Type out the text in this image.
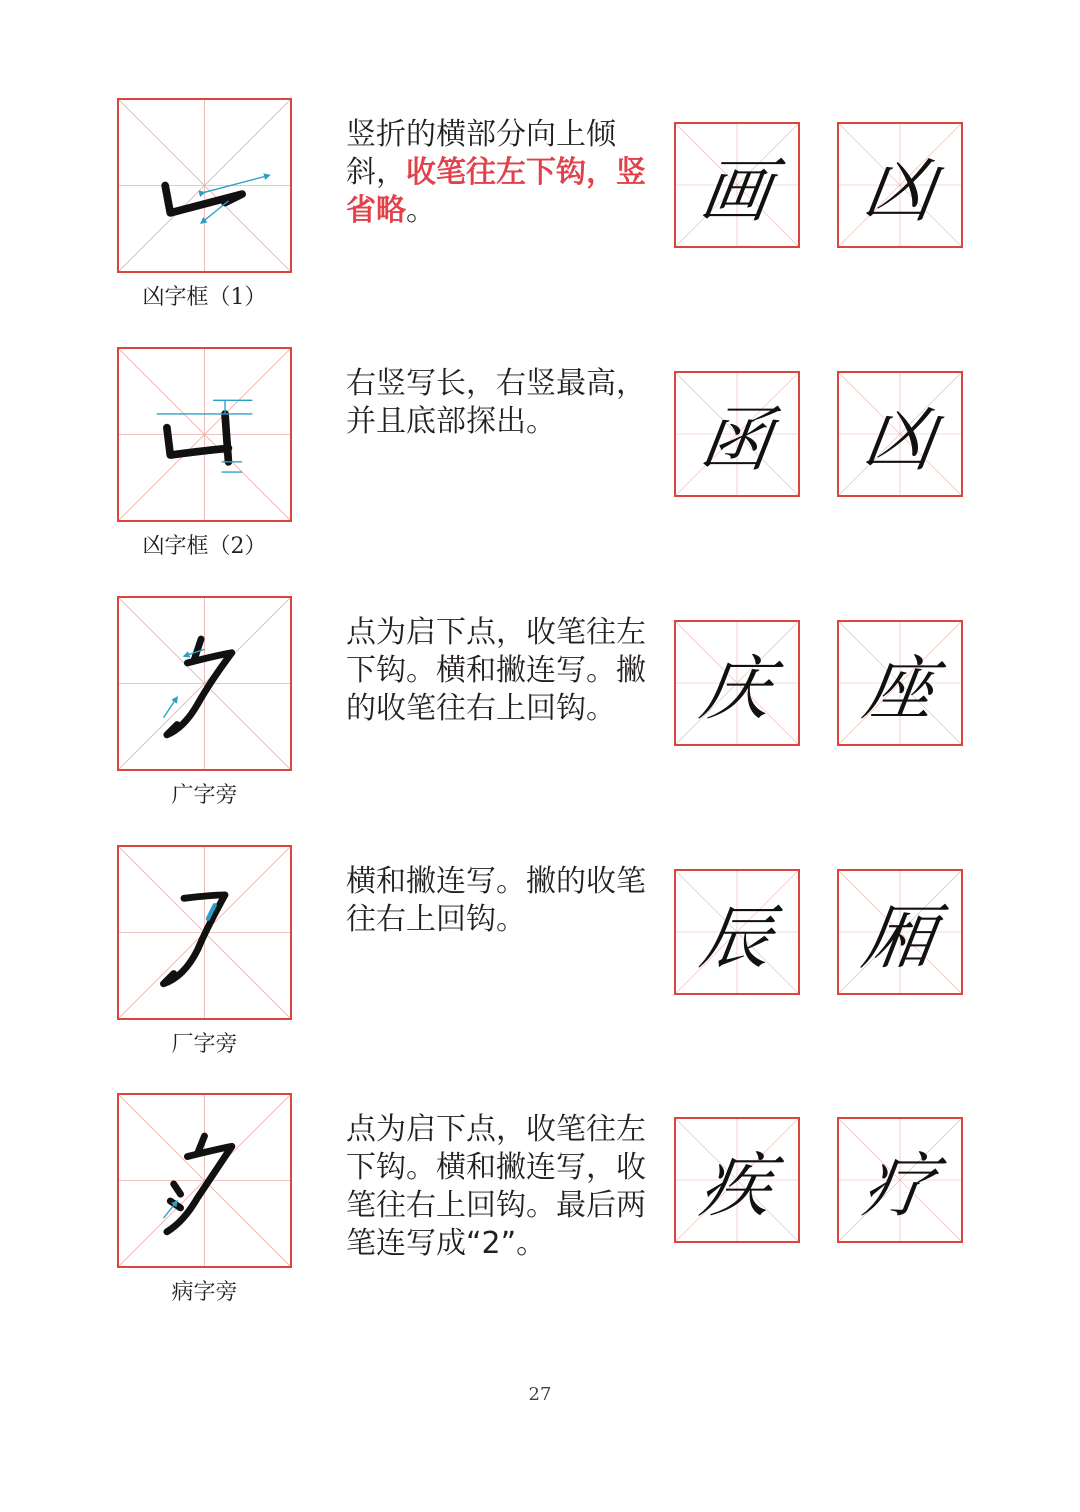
凶字框（1）

竖折的横部分向上倾斜，收笔往左下钩，竖省略。	画	凶
凶字框（2）

右竖写长，右竖最高，并且底部探出。	函	凶
广字旁

点为启下点，收笔往左下钩。横和撇连写。撇的收笔往右上回钩。	庆	座
厂字旁

横和撇连写。撇的收笔往右上回钩。	辰	厢
病字旁

点为启下点，收笔往左下钩。横和撇连写，收笔往右上回钩。最后两笔连写成“2”。

疾	疗
27
